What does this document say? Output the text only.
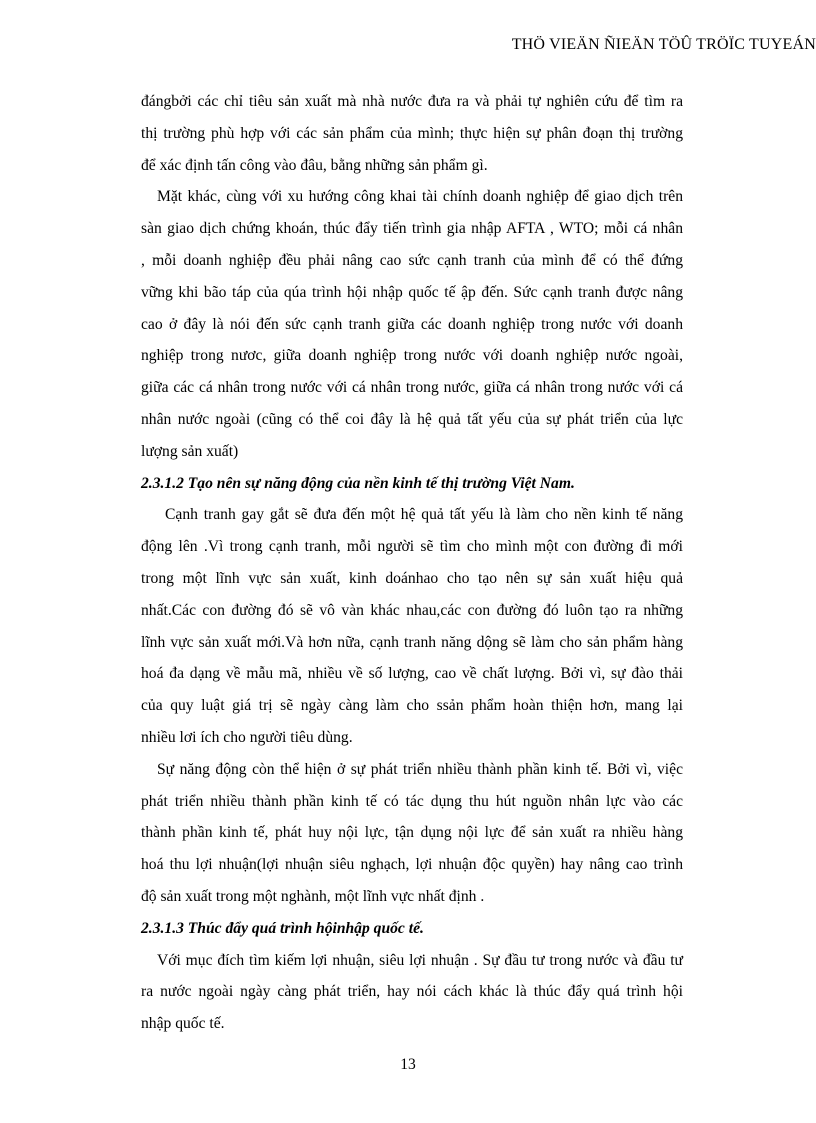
THÖ VIEÄN ÑIEÄN TÖÛ TRÖÏC TUYEÁN
đángbởi các chỉ tiêu sản xuất mà nhà nước đưa ra và phải tự nghiên cứu để tìm ra
thị trường phù hợp với các sản phẩm của mình; thực hiện sự phân đoạn thị trường
để xác định tấn công vào đâu, bằng những sản phẩm gì.
Mặt khác, cùng với xu hướng công khai tài chính doanh nghiệp để giao dịch trên
sàn giao dịch chứng khoán, thúc đẩy tiến trình gia nhập AFTA , WTO; mỗi cá nhân
, mỗi doanh nghiệp đều phải nâng cao sức cạnh tranh của mình để có thể đứng
vững khi bão táp của qúa trình hội nhập quốc tế ập đến. Sức cạnh tranh được nâng
cao ở đây là nói đến sức cạnh tranh giữa các doanh nghiệp trong nước với doanh
nghiệp trong nươc, giữa doanh nghiệp trong nước với doanh nghiệp nước ngoài,
giữa các cá nhân trong nước với cá nhân trong nước, giữa cá nhân trong nước với cá
nhân nước ngoài (cũng có thể coi đây là hệ quả tất yếu của sự phát triển của lực
lượng sản xuất)
2.3.1.2 Tạo nên sự năng động của nền kinh tế thị trường Việt Nam.
Cạnh tranh gay gắt sẽ đưa đến một hệ quả tất yếu là làm cho nền kinh tế năng
động lên .Vì trong cạnh tranh, mỗi người sẽ tìm cho mình một con đường đi mới
trong một lĩnh vực sản xuất, kinh doánhao cho tạo nên sự sản xuất hiệu quả
nhất.Các con đường đó sẽ vô vàn khác nhau,các con đường đó luôn tạo ra những
lĩnh vực sản xuất mới.Và hơn nữa, cạnh tranh năng dộng sẽ làm cho sản phẩm hàng
hoá đa dạng về mẫu mã, nhiều về số lượng, cao về chất lượng. Bởi vì, sự đào thải
của quy luật giá trị sẽ ngày càng làm cho ssản phẩm hoàn thiện hơn, mang lại
nhiều lơi ích cho người tiêu dùng.
Sự năng động còn thể hiện ở sự phát triển nhiều thành phần kinh tế. Bởi vì, việc
phát triển nhiều thành phần kinh tế có tác dụng thu hút nguồn nhân lực vào các
thành phần kinh tế, phát huy nội lực, tận dụng nội lực để sản xuất ra nhiều hàng
hoá thu lợi nhuận(lợi nhuận siêu nghạch, lợi nhuận độc quyền) hay nâng cao trình
độ sản xuất trong một nghành, một lĩnh vực nhất định .
2.3.1.3 Thúc đẩy quá trình hộinhập quốc tế.
Với mục đích tìm kiếm lợi nhuận, siêu lợi nhuận . Sự đầu tư trong nước và đầu tư
ra nước ngoài ngày càng phát triển, hay nói cách khác là thúc đẩy quá trình hội
nhập quốc tế.
13
